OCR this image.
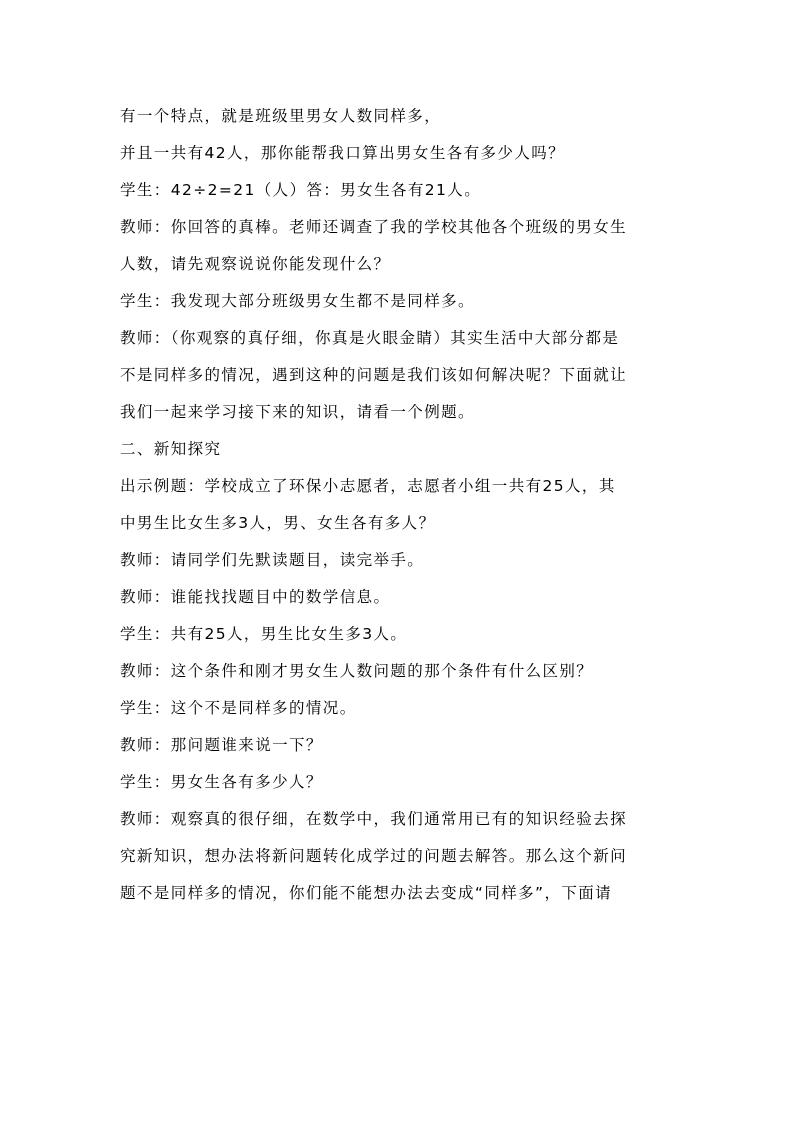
有一个特点，就是班级里男女人数同样多，
并且一共有42人，那你能帮我口算出男女生各有多少人吗？
学生：42÷2=21（人）答：男女生各有21人。
教师：你回答的真棒。老师还调查了我的学校其他各个班级的男女生
人数，请先观察说说你能发现什么？
学生：我发现大部分班级男女生都不是同样多。
教师：（你观察的真仔细，你真是火眼金睛）其实生活中大部分都是
不是同样多的情况，遇到这种的问题是我们该如何解决呢？下面就让
我们一起来学习接下来的知识，请看一个例题。
二、新知探究
出示例题：学校成立了环保小志愿者，志愿者小组一共有25人，其
中男生比女生多3人，男、女生各有多人？
教师：请同学们先默读题目，读完举手。
教师：谁能找找题目中的数学信息。
学生：共有25人，男生比女生多3人。
教师：这个条件和刚才男女生人数问题的那个条件有什么区别？
学生：这个不是同样多的情况。
教师：那问题谁来说一下？
学生：男女生各有多少人？
教师：观察真的很仔细，在数学中，我们通常用已有的知识经验去探
究新知识，想办法将新问题转化成学过的问题去解答。那么这个新问
题不是同样多的情况，你们能不能想办法去变成“同样多”，下面请
